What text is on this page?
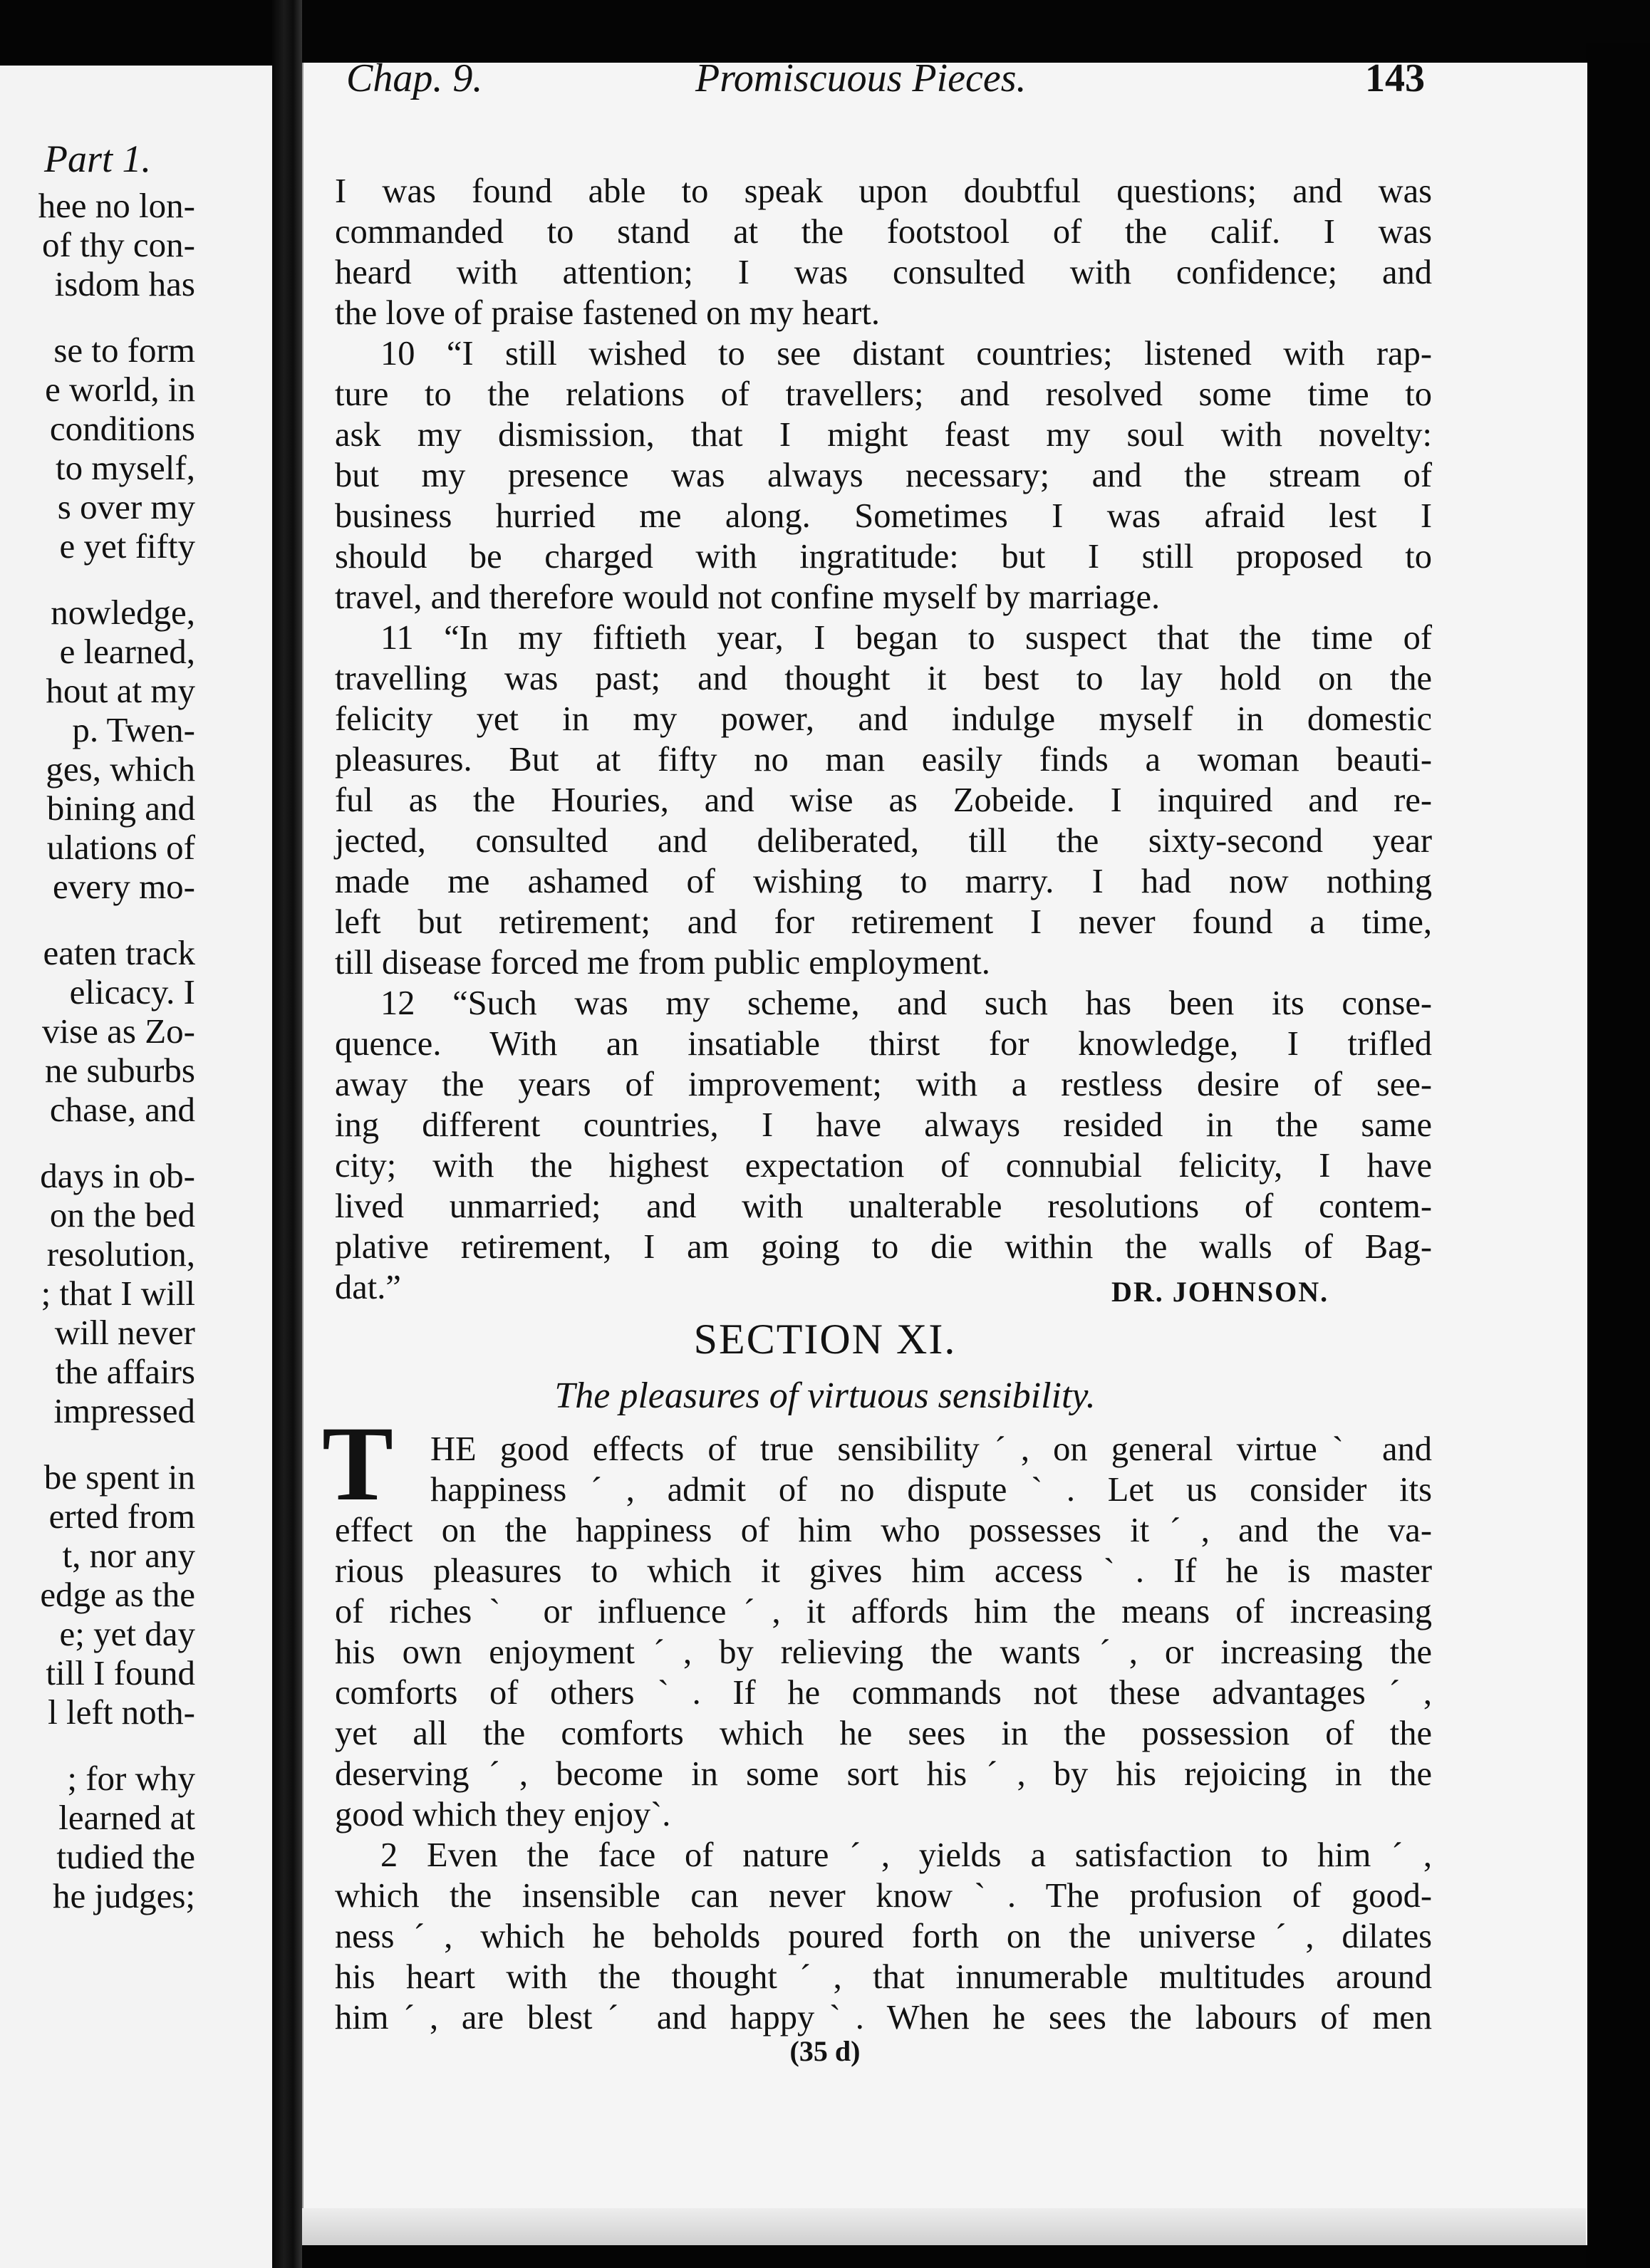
Part 1.
hee no lon-
of thy con-
isdom has
se to form
e world, in
conditions
to myself,
s over my
e yet fifty
nowledge,
e learned,
hout at my
p. Twen-
ges, which
bining and
ulations of
every mo-
eaten track
elicacy. I
vise as Zo-
ne suburbs
chase, and
days in ob-
on the bed
resolution,
; that I will
will never
the affairs
impressed
be spent in
erted from
t, nor any
edge as the
e; yet day
till I found
l left noth-
; for why
learned at
tudied the
he judges;
Chap. 9.	Promiscuous Pieces.	143
I was found able to speak upon doubtful questions; and was
commanded to stand at the footstool of the calif. I was
heard with attention; I was consulted with confidence; and
the love of praise fastened on my heart.
10 “I still wished to see distant countries; listened with rap-
ture to the relations of travellers; and resolved some time to
ask my dismission, that I might feast my soul with novelty:
but my presence was always necessary; and the stream of
business hurried me along. Sometimes I was afraid lest I
should be charged with ingratitude: but I still proposed to
travel, and therefore would not confine myself by marriage.
11 “In my fiftieth year, I began to suspect that the time of
travelling was past; and thought it best to lay hold on the
felicity yet in my power, and indulge myself in domestic
pleasures. But at fifty no man easily finds a woman beauti-
ful as the Houries, and wise as Zobeide. I inquired and re-
jected, consulted and deliberated, till the sixty-second year
made me ashamed of wishing to marry. I had now nothing
left but retirement; and for retirement I never found a time,
till disease forced me from public employment.
12 “Such was my scheme, and such has been its conse-
quence. With an insatiable thirst for knowledge, I trifled
away the years of improvement; with a restless desire of see-
ing different countries, I have always resided in the same
city; with the highest expectation of connubial felicity, I have
lived unmarried; and with unalterable resolutions of contem-
plative retirement, I am going to die within the walls of Bag-
dat.”	DR. JOHNSON.
SECTION XI.
The pleasures of virtuous sensibility.
T	HE good effects of true sensibilityˊ, on general virtueˋ and
happinessˊ, admit of no disputeˋ. Let us consider its
effect on the happiness of him who possesses itˊ, and the va-
rious pleasures to which it gives him accessˋ. If he is master
of richesˋ or influenceˊ, it affords him the means of increasing
his own enjoymentˊ, by relieving the wantsˊ, or increasing the
comforts of othersˋ. If he commands not these advantagesˊ,
yet all the comforts which he sees in the possession of the
deservingˊ, become in some sort hisˊ, by his rejoicing in the
good which they enjoyˋ.
2 Even the face of natureˊ, yields a satisfaction to himˊ,
which the insensible can never knowˋ. The profusion of good-
nessˊ, which he beholds poured forth on the universeˊ, dilates
his heart with the thoughtˊ, that innumerable multitudes around
himˊ, are blestˊ and happyˋ. When he sees the labours of men
(35 d)
